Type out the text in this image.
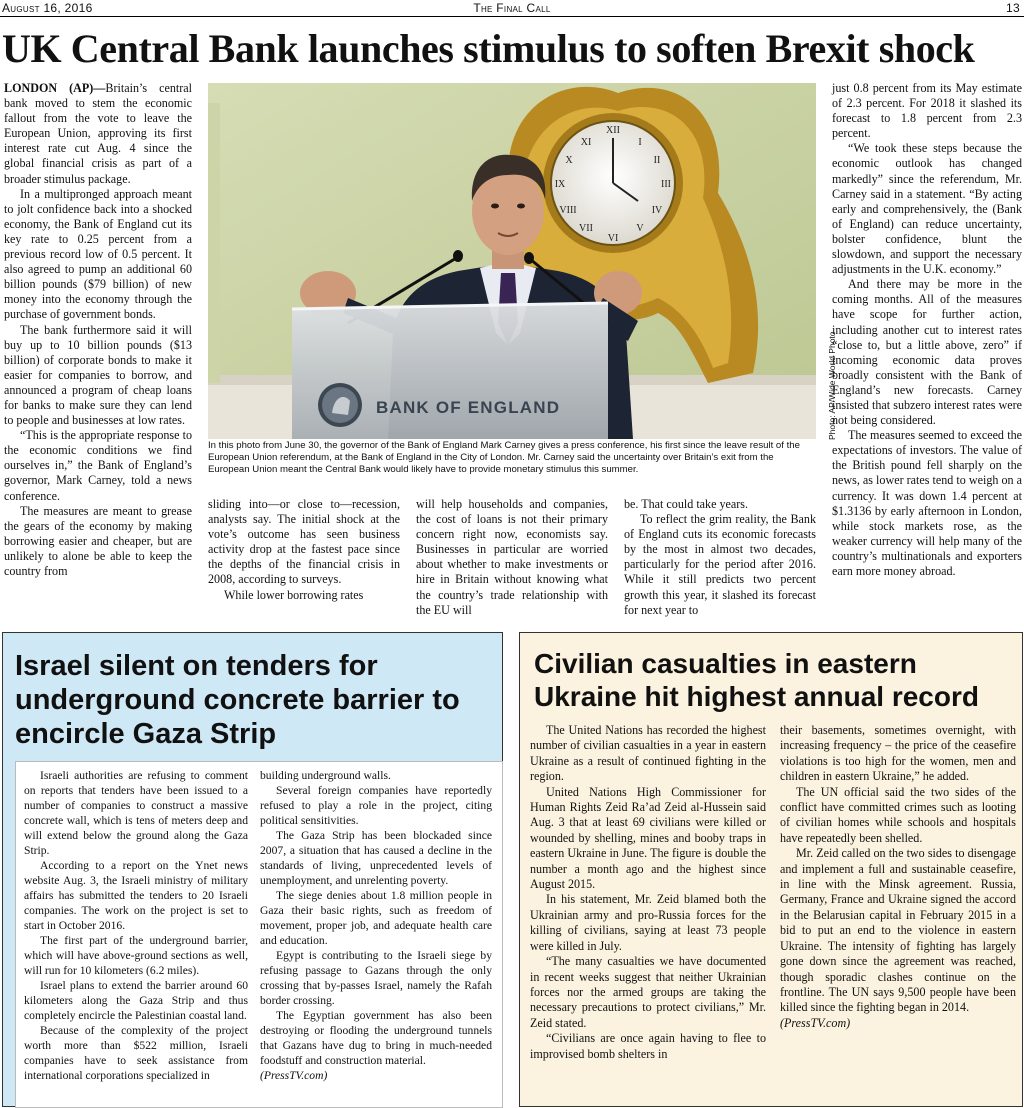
August 16, 2016	The Final Call	13
UK Central Bank launches stimulus to soften Brexit shock

LONDON (AP)—Britain’s central bank moved to stem the economic fallout from the vote to leave the European Union, approving its first interest rate cut Aug. 4 since the global financial crisis as part of a broader stimulus package.

In a multipronged approach meant to jolt confidence back into a shocked economy, the Bank of England cut its key rate to 0.25 percent from a previous record low of 0.5 percent. It also agreed to pump an additional 60 billion pounds ($79 billion) of new money into the economy through the purchase of government bonds.

The bank furthermore said it will buy up to 10 billion pounds ($13 billion) of corporate bonds to make it easier for companies to borrow, and announced a program of cheap loans for banks to make sure they can lend to people and businesses at low rates.

“This is the appropriate response to the economic conditions we find ourselves in,” the Bank of England’s governor, Mark Carney, told a news conference.

The measures are meant to grease the gears of the economy by making borrowing easier and cheaper, but are unlikely to alone be able to keep the country from

XII
III
VI
IX
I
II
IV
V
VII
VIII
X
XI
BANK OF ENGLAND	Photo: AP/Wide World Photo
In this photo from June 30, the governor of the Bank of England Mark Carney gives a press conference, his first since the leave result of the European Union referendum, at the Bank of England in the City of London. Mr. Carney said the uncertainty over Britain’s exit from the European Union meant the Central Bank would likely have to provide monetary stimulus this summer.

sliding into—or close to—recession, analysts say. The initial shock at the vote’s outcome has seen business activity drop at the fastest pace since the depths of the financial crisis in 2008, according to surveys.

While lower borrowing rates

will help households and companies, the cost of loans is not their primary concern right now, economists say. Businesses in particular are worried about whether to make investments or hire in Britain without knowing what the country’s trade relationship with the EU will

be. That could take years.

To reflect the grim reality, the Bank of England cuts its economic forecasts by the most in almost two decades, particularly for the period after 2016. While it still predicts two percent growth this year, it slashed its forecast for next year to

just 0.8 percent from its May estimate of 2.3 percent. For 2018 it slashed its forecast to 1.8 percent from 2.3 percent.

“We took these steps because the economic outlook has changed markedly” since the referendum, Mr. Carney said in a statement. “By acting early and comprehensively, the (Bank of England) can reduce uncertainty, bolster confidence, blunt the slowdown, and support the necessary adjustments in the U.K. economy.”

And there may be more in the coming months. All of the measures have scope for further action, including another cut to interest rates “close to, but a little above, zero” if incoming economic data proves broadly consistent with the Bank of England’s new forecasts. Carney insisted that subzero interest rates were not being considered.

The measures seemed to exceed the expectations of investors. The value of the British pound fell sharply on the news, as lower rates tend to weigh on a currency. It was down 1.4 percent at $1.3136 by early afternoon in London, while stock markets rose, as the weaker currency will help many of the country’s multinationals and exporters earn more money abroad.

Israel silent on tenders for underground concrete barrier to encircle Gaza Strip

Israeli authorities are refusing to comment on reports that tenders have been issued to a number of companies to construct a massive concrete wall, which is tens of meters deep and will extend below the ground along the Gaza Strip.

According to a report on the Ynet news website Aug. 3, the Israeli ministry of military affairs has submitted the tenders to 20 Israeli companies. The work on the project is set to start in October 2016.

The first part of the underground barrier, which will have above-ground sections as well, will run for 10 kilometers (6.2 miles).

Israel plans to extend the barrier around 60 kilometers along the Gaza Strip and thus completely encircle the Palestinian coastal land.

Because of the complexity of the project worth more than $522 million, Israeli companies have to seek assistance from international corporations specialized in

building underground walls.

Several foreign companies have reportedly refused to play a role in the project, citing political sensitivities.

The Gaza Strip has been blockaded since 2007, a situation that has caused a decline in the standards of living, unprecedented levels of unemployment, and unrelenting poverty.

The siege denies about 1.8 million people in Gaza their basic rights, such as freedom of movement, proper job, and adequate health care and education.

Egypt is contributing to the Israeli siege by refusing passage to Gazans through the only crossing that by-passes Israel, namely the Rafah border crossing.

The Egyptian government has also been destroying or flooding the underground tunnels that Gazans have dug to bring in much-needed foodstuff and construction material.

(PressTV.com)

Civilian casualties in eastern Ukraine hit highest annual record

The United Nations has recorded the highest number of civilian casualties in a year in eastern Ukraine as a result of continued fighting in the region.

United Nations High Commissioner for Human Rights Zeid Ra’ad Zeid al-Hussein said Aug. 3 that at least 69 civilians were killed or wounded by shelling, mines and booby traps in eastern Ukraine in June. The figure is double the number a month ago and the highest since August 2015.

In his statement, Mr. Zeid blamed both the Ukrainian army and pro-Russia forces for the killing of civilians, saying at least 73 people were killed in July.

“The many casualties we have documented in recent weeks suggest that neither Ukrainian forces nor the armed groups are taking the necessary precautions to protect civilians,” Mr. Zeid stated.

“Civilians are once again having to flee to improvised bomb shelters in

their basements, sometimes overnight, with increasing frequency – the price of the ceasefire violations is too high for the women, men and children in eastern Ukraine,” he added.

The UN official said the two sides of the conflict have committed crimes such as looting of civilian homes while schools and hospitals have repeatedly been shelled.

Mr. Zeid called on the two sides to disengage and implement a full and sustainable ceasefire, in line with the Minsk agreement. Russia, Germany, France and Ukraine signed the accord in the Belarusian capital in February 2015 in a bid to put an end to the violence in eastern Ukraine. The intensity of fighting has largely gone down since the agreement was reached, though sporadic clashes continue on the frontline. The UN says 9,500 people have been killed since the fighting began in 2014.

(PressTV.com)
